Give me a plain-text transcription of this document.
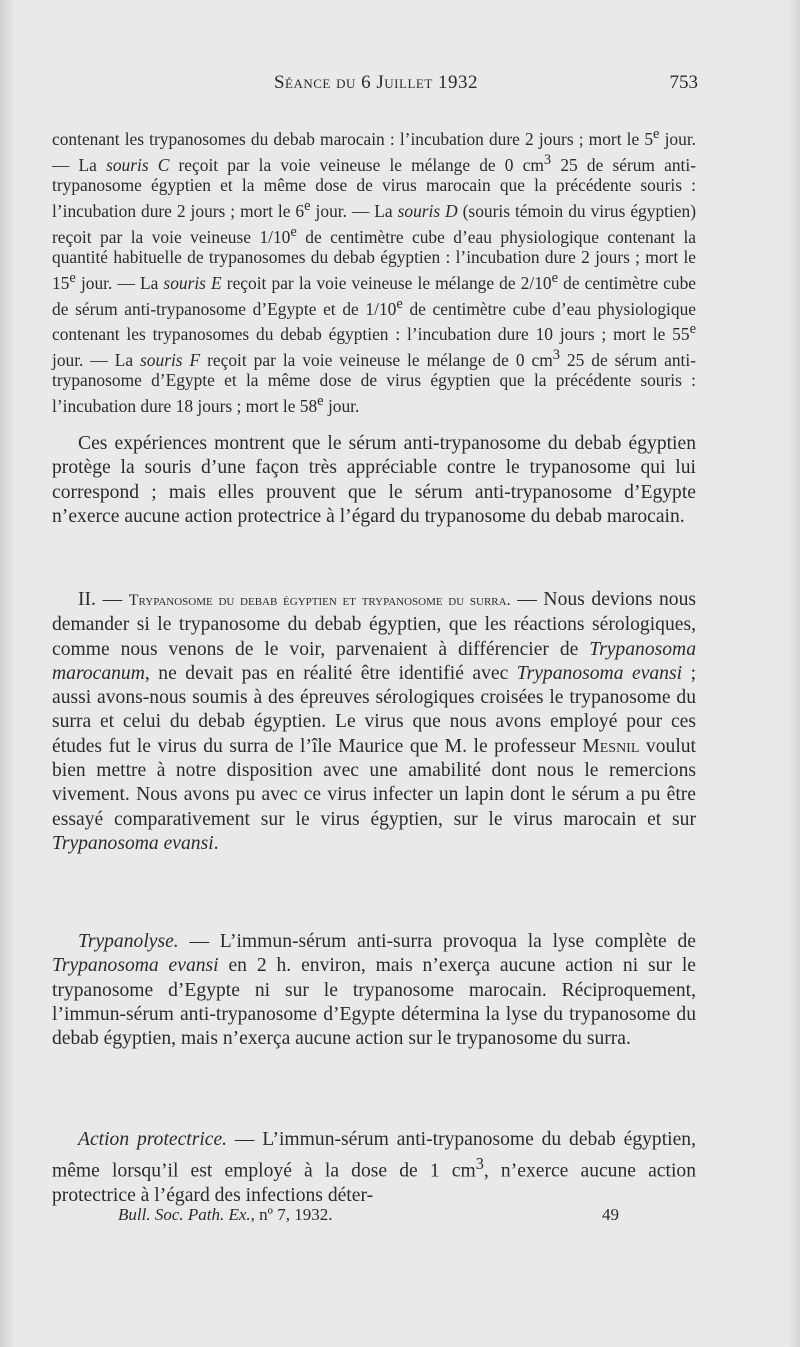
Séance du 6 Juillet 1932	753

contenant les trypanosomes du debab marocain : l’incubation dure 2 jours ; mort le 5e jour. — La souris C reçoit par la voie veineuse le mélange de 0 $cm^3$ 25 de sérum anti-trypanosome égyptien et la même dose de virus marocain que la précédente souris : l’incubation dure 2 jours ; mort le 6e jour. — La souris D (souris témoin du virus égyptien) reçoit par la voie veineuse 1/10e de centimètre cube d’eau physiologique contenant la quantité habituelle de trypanosomes du debab égyptien : l’incubation dure 2 jours ; mort le 15e jour. — La souris E reçoit par la voie veineuse le mélange de 2/10e de centimètre cube de sérum anti-trypanosome d’Egypte et de 1/10e de centimètre cube d’eau physiologique contenant les trypanosomes du debab égyptien : l’incubation dure 10 jours ; mort le 55e jour. — La souris F reçoit par la voie veineuse le mélange de 0 $cm^3$ 25 de sérum anti-trypanosome d’Egypte et la même dose de virus égyptien que la précédente souris : l’incubation dure 18 jours ; mort le 58e jour.

Ces expériences montrent que le sérum anti-trypanosome du debab égyptien protège la souris d’une façon très appréciable contre le trypanosome qui lui correspond ; mais elles prouvent que le sérum anti-trypanosome d’Egypte n’exerce aucune action protectrice à l’égard du trypanosome du debab marocain.

II. — Trypanosome du debab égyptien et trypanosome du surra. — Nous devions nous demander si le trypanosome du debab égyptien, que les réactions sérologiques, comme nous venons de le voir, parvenaient à différencier de Trypanosoma marocanum, ne devait pas en réalité être identifié avec Trypanosoma evansi ; aussi avons-nous soumis à des épreuves sérologiques croisées le trypanosome du surra et celui du debab égyptien. Le virus que nous avons employé pour ces études fut le virus du surra de l’île Maurice que M. le professeur Mesnil voulut bien mettre à notre disposition avec une amabilité dont nous le remercions vivement. Nous avons pu avec ce virus infecter un lapin dont le sérum a pu être essayé comparativement sur le virus égyptien, sur le virus marocain et sur Trypanosoma evansi.

Trypanolyse. — L’immun-sérum anti-surra provoqua la lyse complète de Trypanosoma evansi en 2 h. environ, mais n’exerça aucune action ni sur le trypanosome d’Egypte ni sur le trypanosome marocain. Réciproquement, l’immun-sérum anti-trypanosome d’Egypte détermina la lyse du trypanosome du debab égyptien, mais n’exerça aucune action sur le trypanosome du surra.

Action protectrice. — L’immun-sérum anti-trypanosome du debab égyptien, même lorsqu’il est employé à la dose de 1 $cm^3$, n’exerce aucune action protectrice à l’égard des infections déter-

Bull. Soc. Path. Ex., nº 7, 1932.	49
